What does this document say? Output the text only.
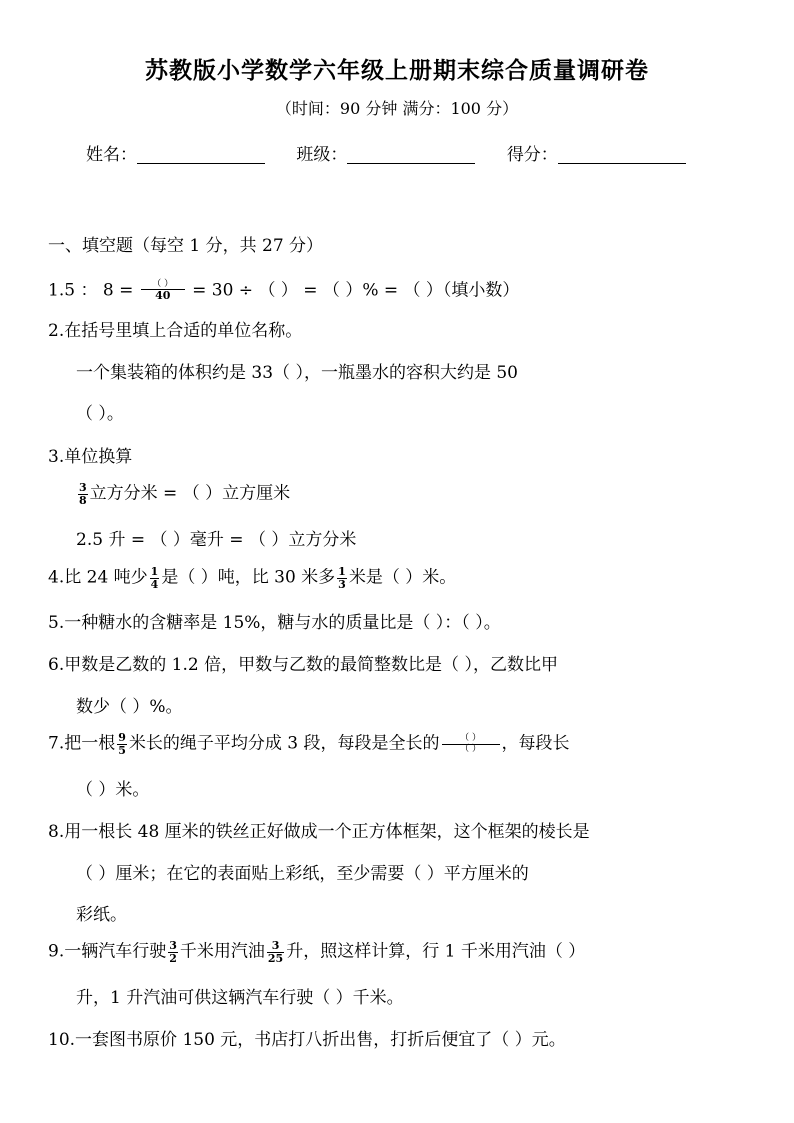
苏教版小学数学六年级上册期末综合质量调研卷
（时间：90 分钟 满分：100 分）
姓名：	班级：	得分：
一、填空题（每空 1 分，共 27 分）
1.5 ： $8 = \frac{( )}{40} = 30$ ÷ （ ） = （ ）% = （ ）（填小数）
2.在括号里填上合适的单位名称。
一个集装箱的体积约是 33（ ），一瓶墨水的容积大约是 50
（ ）。
3.单位换算
$\frac{3}{8}$ 立方分米 = （ ）立方厘米
2.5 升 = （ ）毫升 = （ ）立方分米
4.比 24 吨少 $\frac{1}{4}$ 是（ ）吨，比 30 米多 $\frac{1}{3}$ 米是（ ）米。
5.一种糖水的含糖率是 15%，糖与水的质量比是（ ）：（ ）。
6.甲数是乙数的 1.2 倍，甲数与乙数的最简整数比是（ ），乙数比甲
数少（ ）%。
7.把一根 $\frac{9}{5}$ 米长的绳子平均分成 3 段，每段是全长的 $\frac{( )}{( )}$ ，每段长
（ ）米。
8.用一根长 48 厘米的铁丝正好做成一个正方体框架，这个框架的棱长是
（ ）厘米；在它的表面贴上彩纸，至少需要（ ）平方厘米的
彩纸。
9.一辆汽车行驶 $\frac{3}{2}$ 千米用汽油 $\frac{3}{25}$ 升，照这样计算，行 1 千米用汽油（ ）
升，1 升汽油可供这辆汽车行驶（ ）千米。
10.一套图书原价 150 元，书店打八折出售，打折后便宜了（ ）元。
